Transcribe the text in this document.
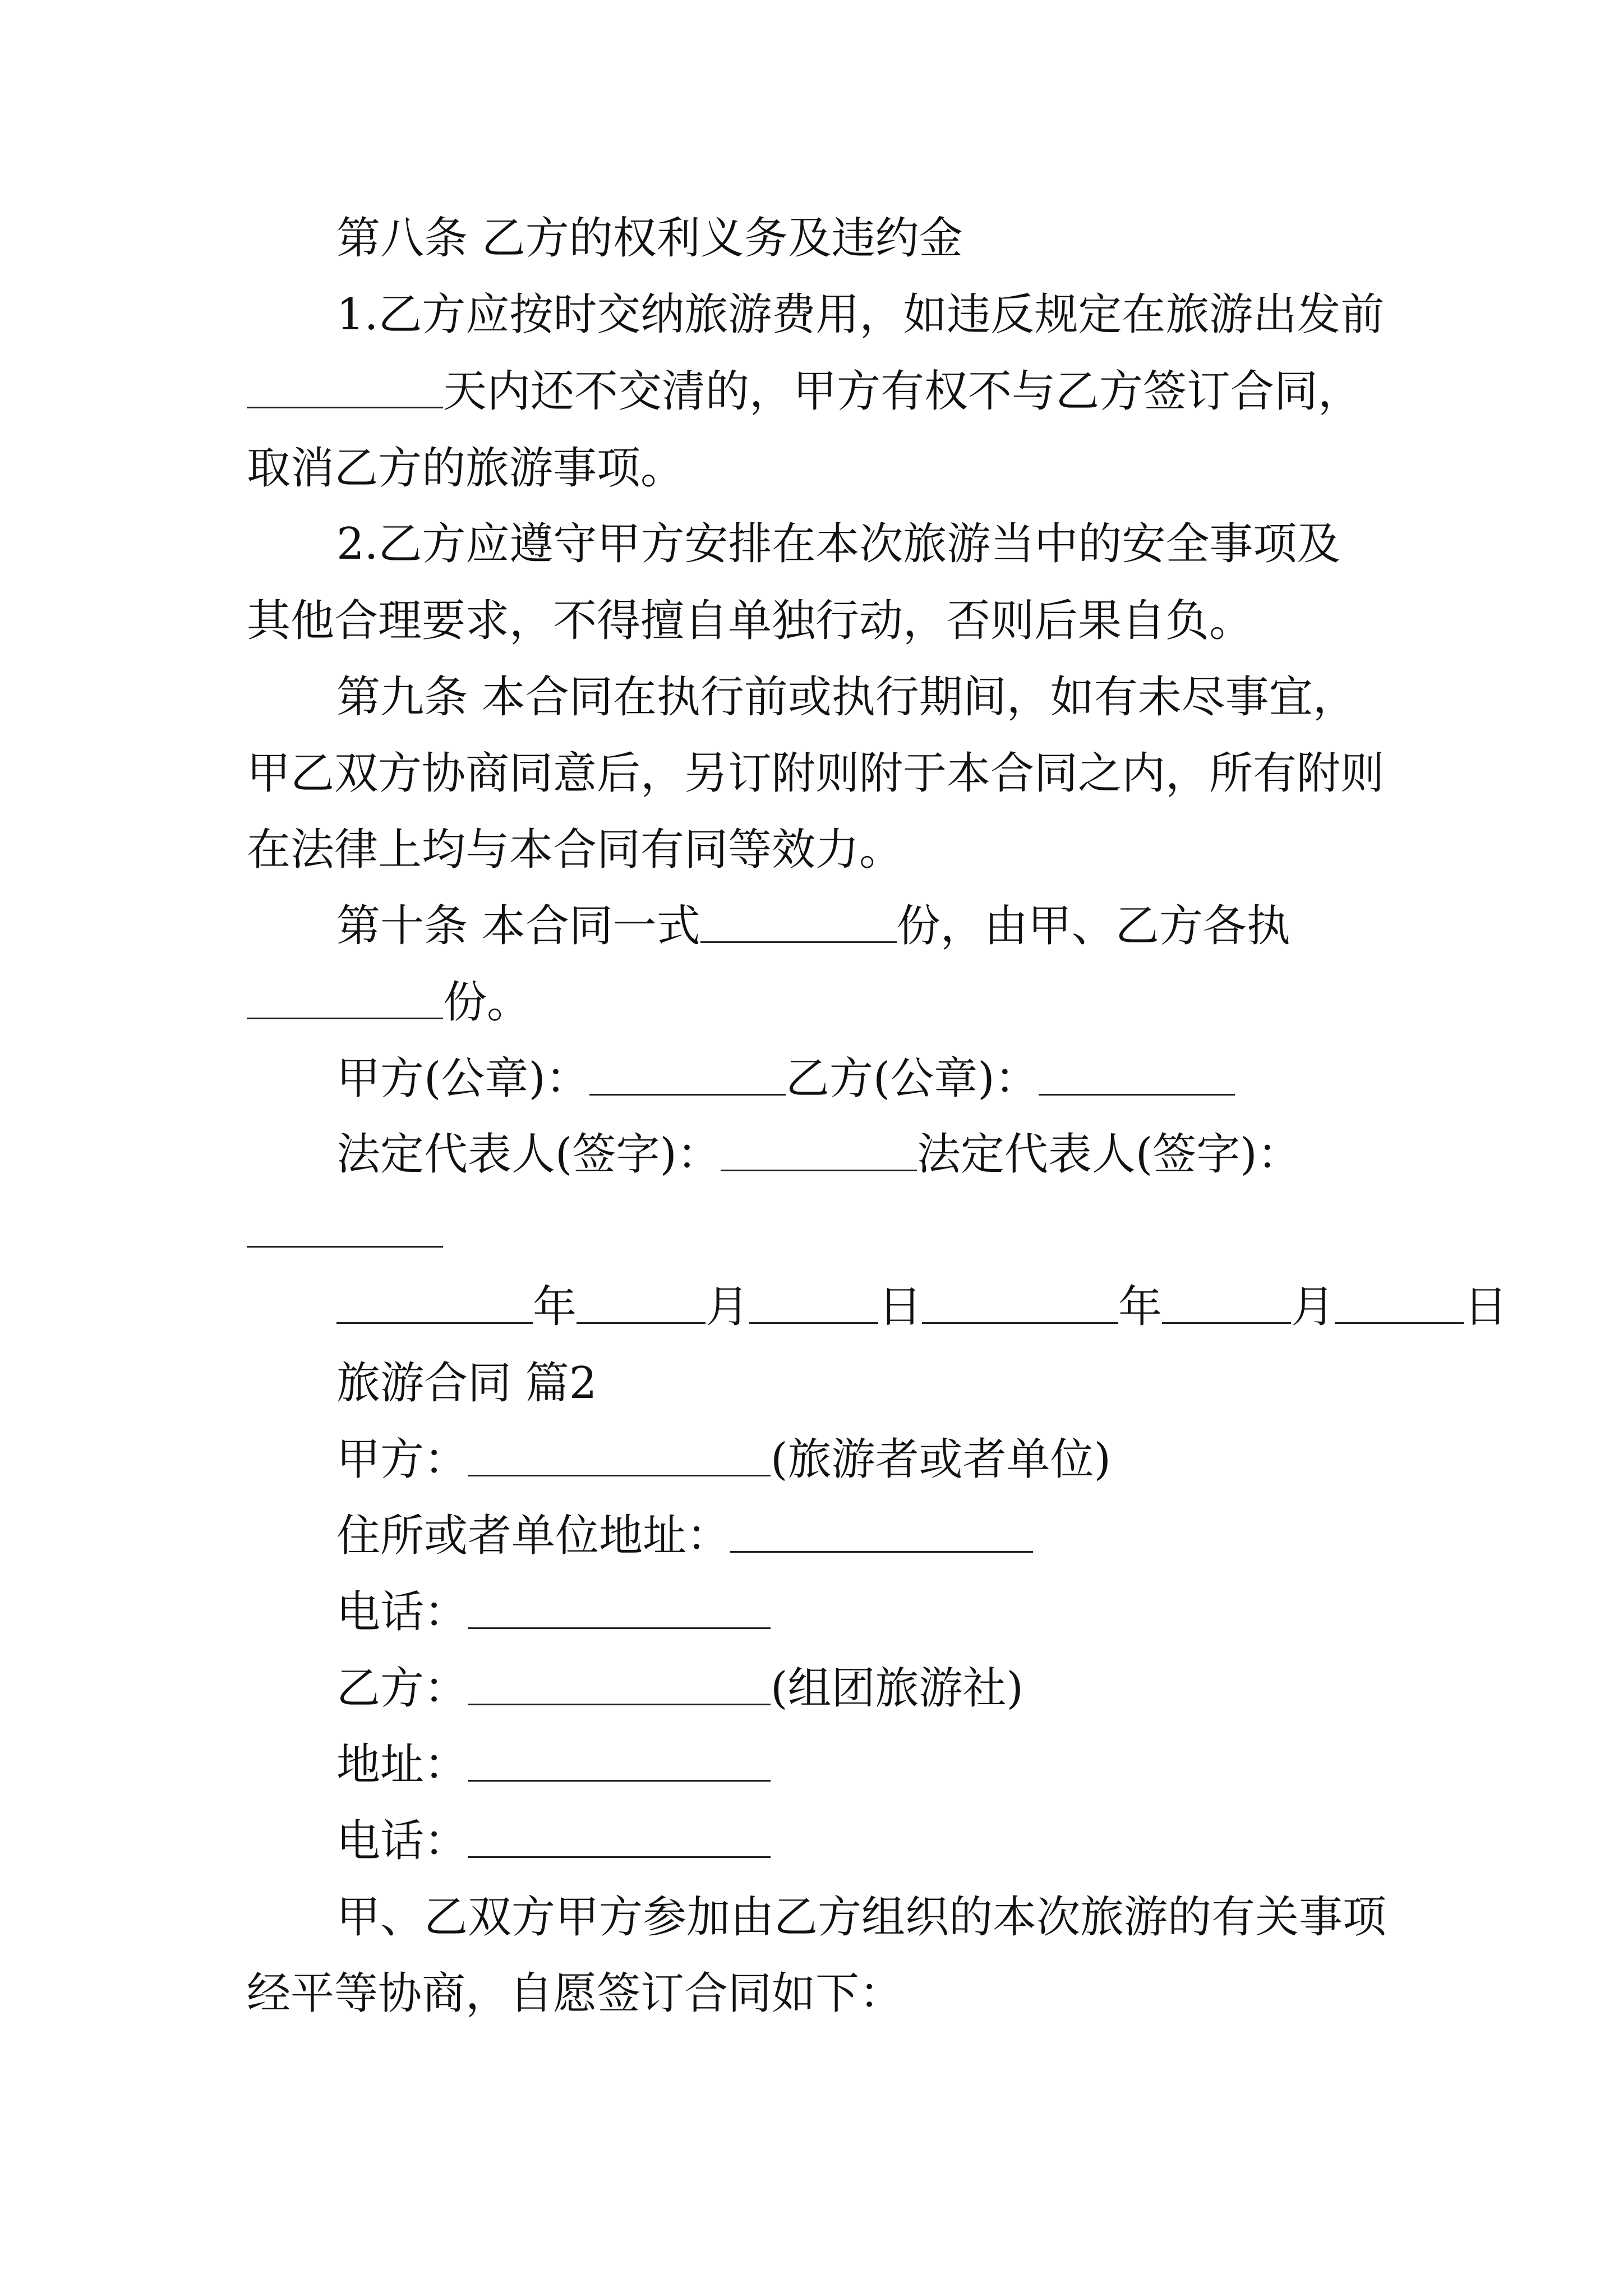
第八条 乙方的权利义务及违约金
1.乙方应按时交纳旅游费用，如违反规定在旅游出发前
天内还不交清的，甲方有权不与乙方签订合同，
取消乙方的旅游事项。
2.乙方应遵守甲方安排在本次旅游当中的安全事项及
其他合理要求，不得擅自单独行动，否则后果自负。
第九条 本合同在执行前或执行期间，如有未尽事宜，
甲乙双方协商同意后，另订附则附于本合同之内，所有附则
在法律上均与本合同有同等效力。
第十条 本合同一式	份，由甲、乙方各执
份。
甲方(公章)：	乙方(公章)：
法定代表人(签字)：	法定代表人(签字)：
年	月	日	年	月	日
旅游合同 篇2
甲方：	(旅游者或者单位)
住所或者单位地址：
电话：
乙方：	(组团旅游社)
地址：
电话：
甲、乙双方甲方参加由乙方组织的本次旅游的有关事项
经平等协商，自愿签订合同如下：
